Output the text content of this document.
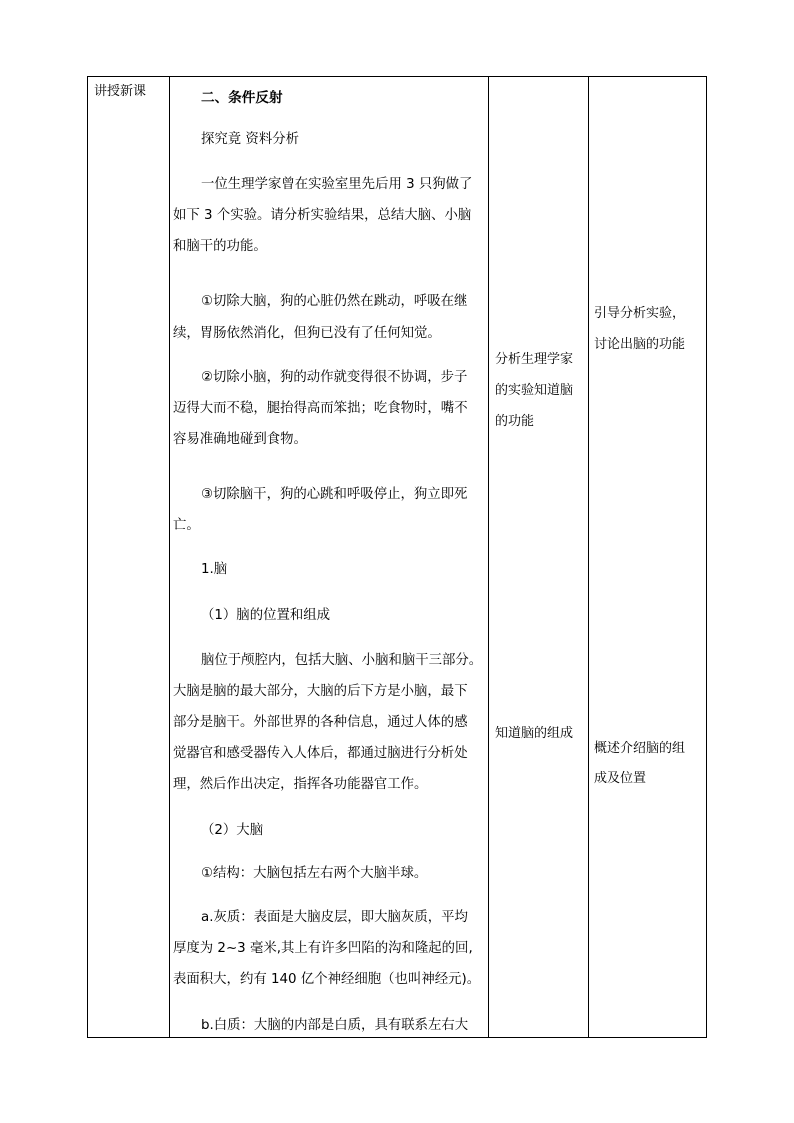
讲授新课	二、条件反射
探究竟 资料分析
一位生理学家曾在实验室里先后用 3 只狗做了
如下 3 个实验。请分析实验结果，总结大脑、小脑
和脑干的功能。
①切除大脑，狗的心脏仍然在跳动，呼吸在继
续，胃肠依然消化，但狗已没有了任何知觉。
②切除小脑，狗的动作就变得很不协调，步子
迈得大而不稳，腿抬得高而笨拙；吃食物时，嘴不
容易准确地碰到食物。
③切除脑干，狗的心跳和呼吸停止，狗立即死
亡。
1.脑
（1）脑的位置和组成
脑位于颅腔内，包括大脑、小脑和脑干三部分。
大脑是脑的最大部分，大脑的后下方是小脑，最下
部分是脑干。外部世界的各种信息，通过人体的感
觉器官和感受器传入人体后，都通过脑进行分析处
理，然后作出决定，指挥各功能器官工作。
（2）大脑
①结构：大脑包括左右两个大脑半球。
a.灰质：表面是大脑皮层，即大脑灰质，平均
厚度为 2~3 毫米,其上有许多凹陷的沟和隆起的回,
表面积大，约有 140 亿个神经细胞（也叫神经元)。
b.白质：大脑的内部是白质，具有联系左右大
分析生理学家
的实验知道脑
的功能
知道脑的组成
引导分析实验，
讨论出脑的功能
概述介绍脑的组
成及位置
